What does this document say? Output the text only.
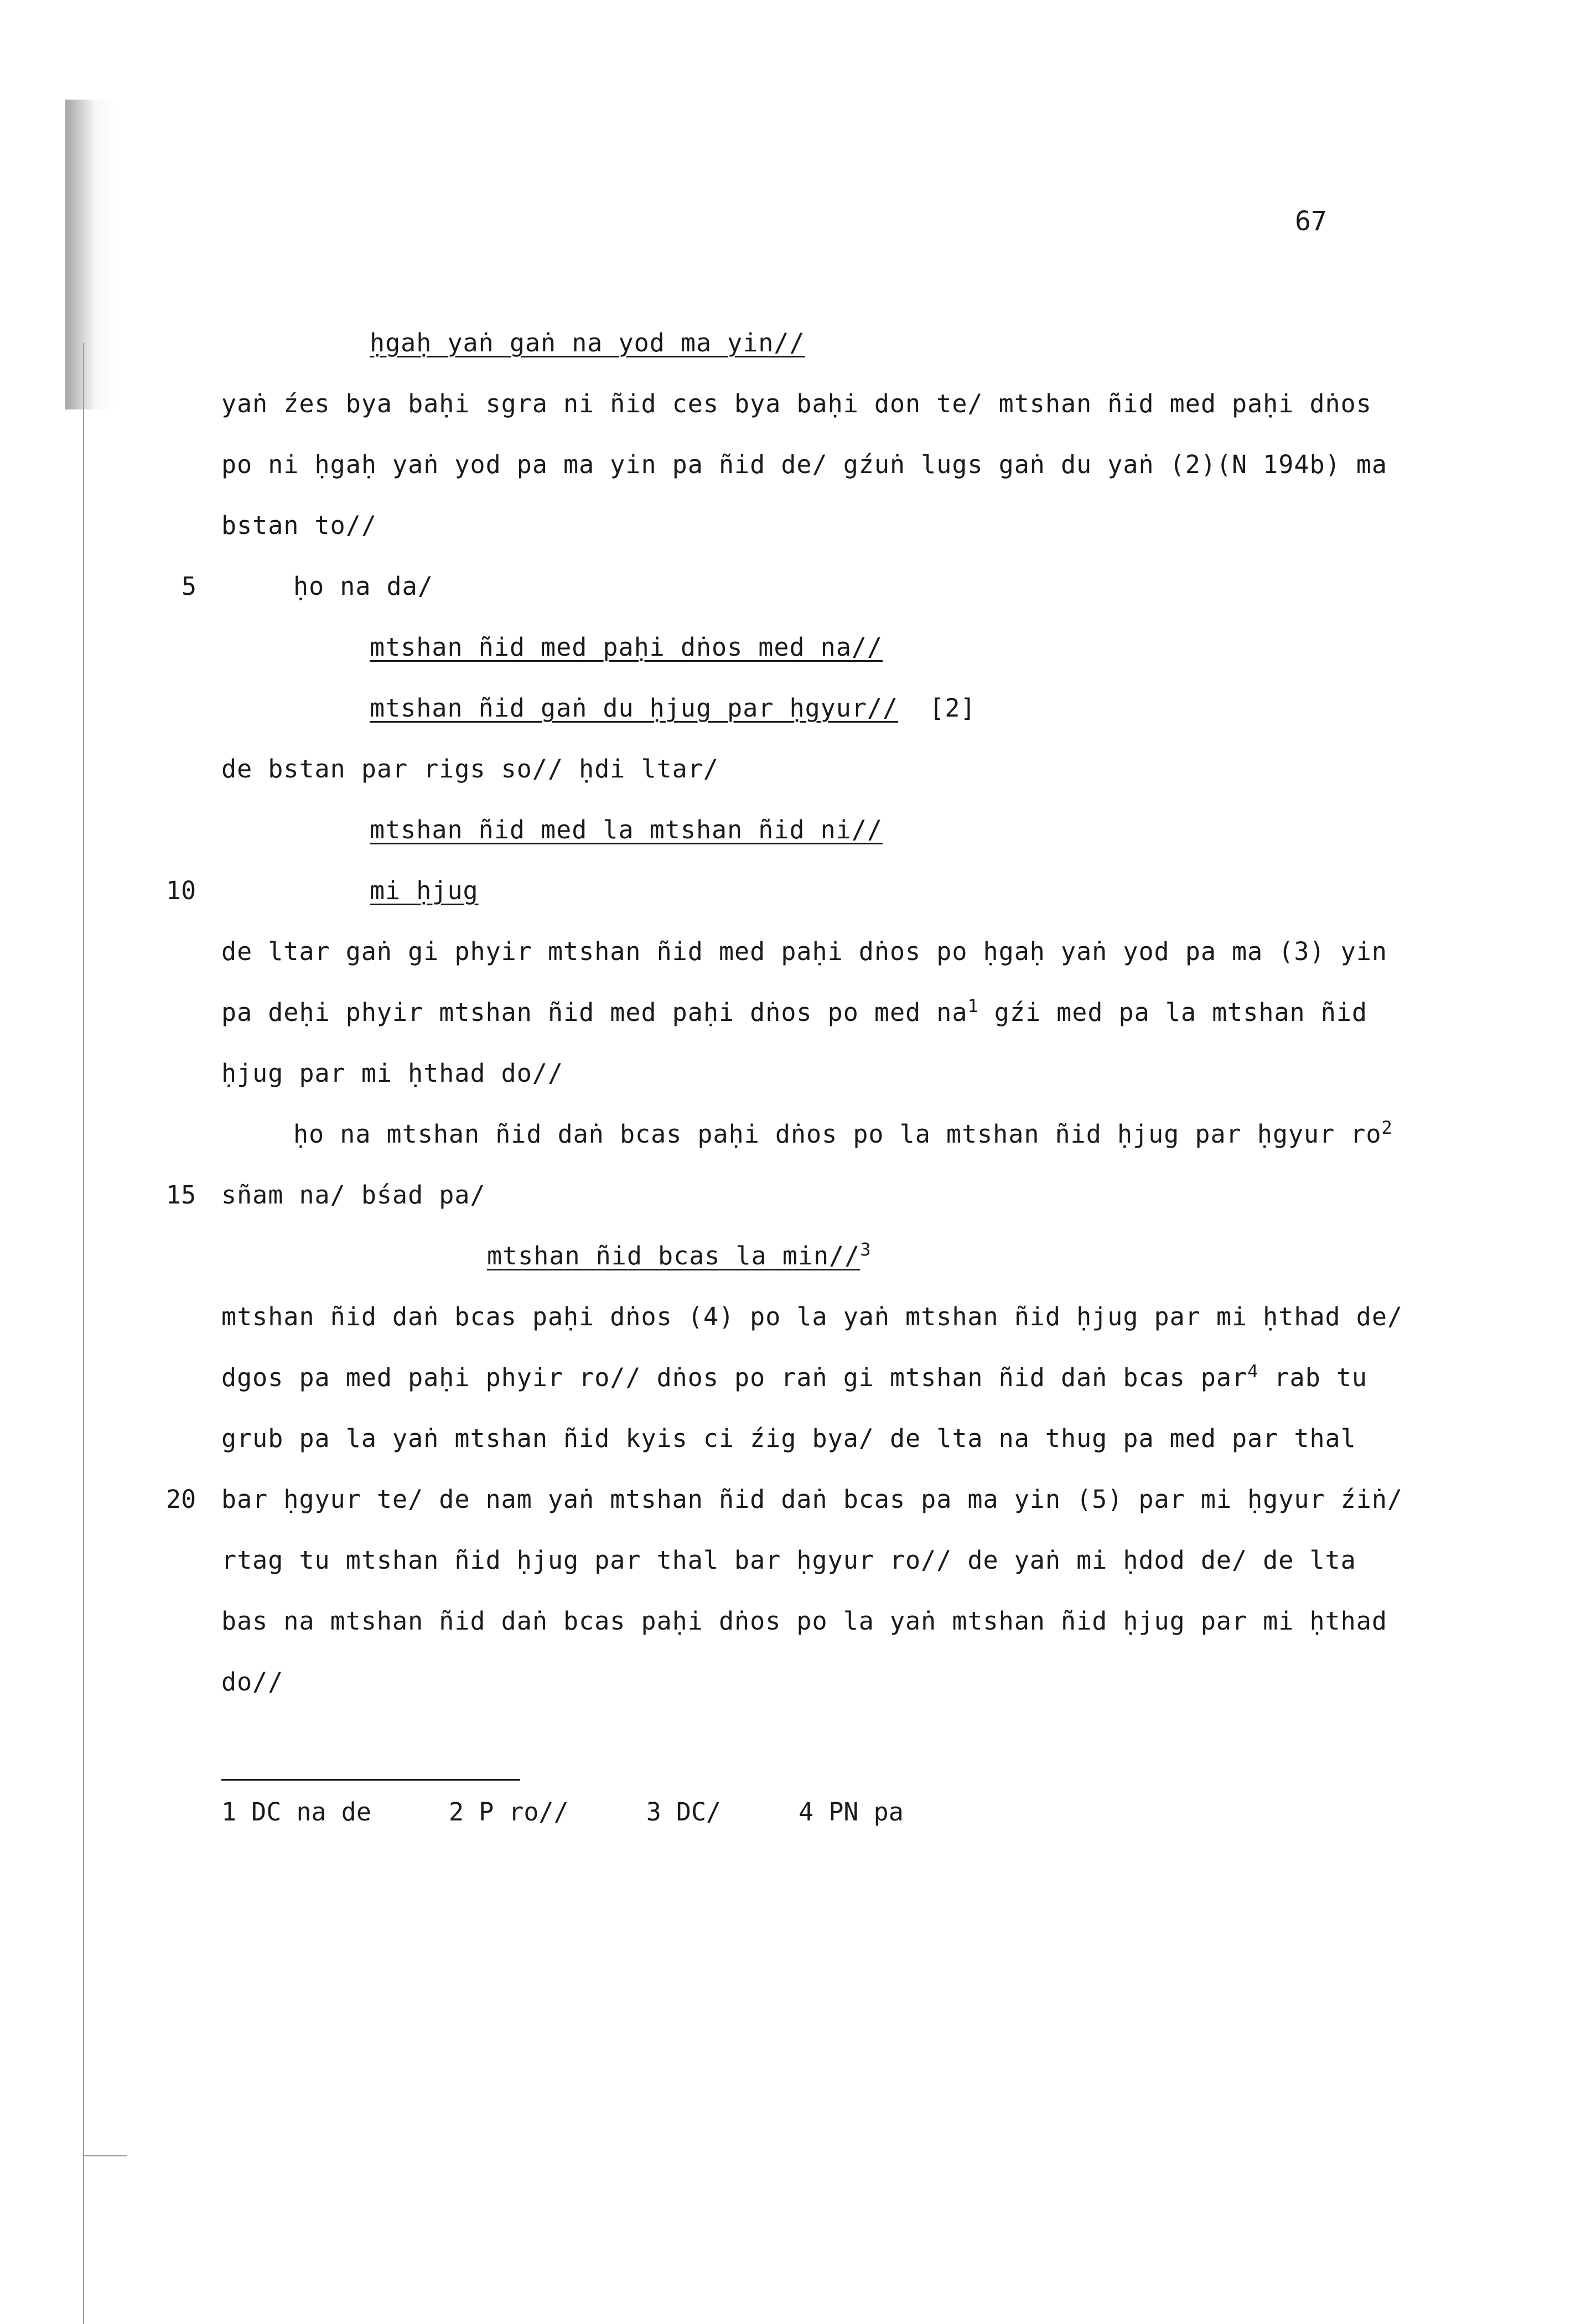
67
ḥgaḥ yaṅ gaṅ na yod ma yin//
yaṅ źes bya baḥi sgra ni ñid ces bya baḥi don te/ mtshan ñid med paḥi dṅos
po ni ḥgaḥ yaṅ yod pa ma yin pa ñid de/ gźuṅ lugs gaṅ du yaṅ (2)(N 194b) ma
bstan to//
ḥo na da/
mtshan ñid med paḥi dṅos med na//
mtshan ñid gaṅ du ḥjug par ḥgyur//  [2]
de bstan par rigs so// ḥdi ltar/
mtshan ñid med la mtshan ñid ni//
mi ḥjug
de ltar gaṅ gi phyir mtshan ñid med paḥi dṅos po ḥgaḥ yaṅ yod pa ma (3) yin
pa deḥi phyir mtshan ñid med paḥi dṅos po med $na^1$ gźi med pa la mtshan ñid
ḥjug par mi ḥthad do//
ḥo na mtshan ñid daṅ bcas paḥi dṅos po la mtshan ñid ḥjug par ḥgyur $ro^2$
sñam na/ bśad pa/
mtshan ñid bcas la min//$^3$
mtshan ñid daṅ bcas paḥi dṅos (4) po la yaṅ mtshan ñid ḥjug par mi ḥthad de/
dgos pa med paḥi phyir ro// dṅos po raṅ gi mtshan ñid daṅ bcas par$^4$ rab tu
grub pa la yaṅ mtshan ñid kyis ci źig bya/ de lta na thug pa med par thal
bar ḥgyur te/ de nam yaṅ mtshan ñid daṅ bcas pa ma yin (5) par mi ḥgyur źiṅ/
rtag tu mtshan ñid ḥjug par thal bar ḥgyur ro// de yaṅ mi ḥdod de/ de lta
bas na mtshan ñid daṅ bcas paḥi dṅos po la yaṅ mtshan ñid ḥjug par mi ḥthad
do//
5
10
15
20
1 DC na de	2 P ro//	3 DC/	4 PN pa
